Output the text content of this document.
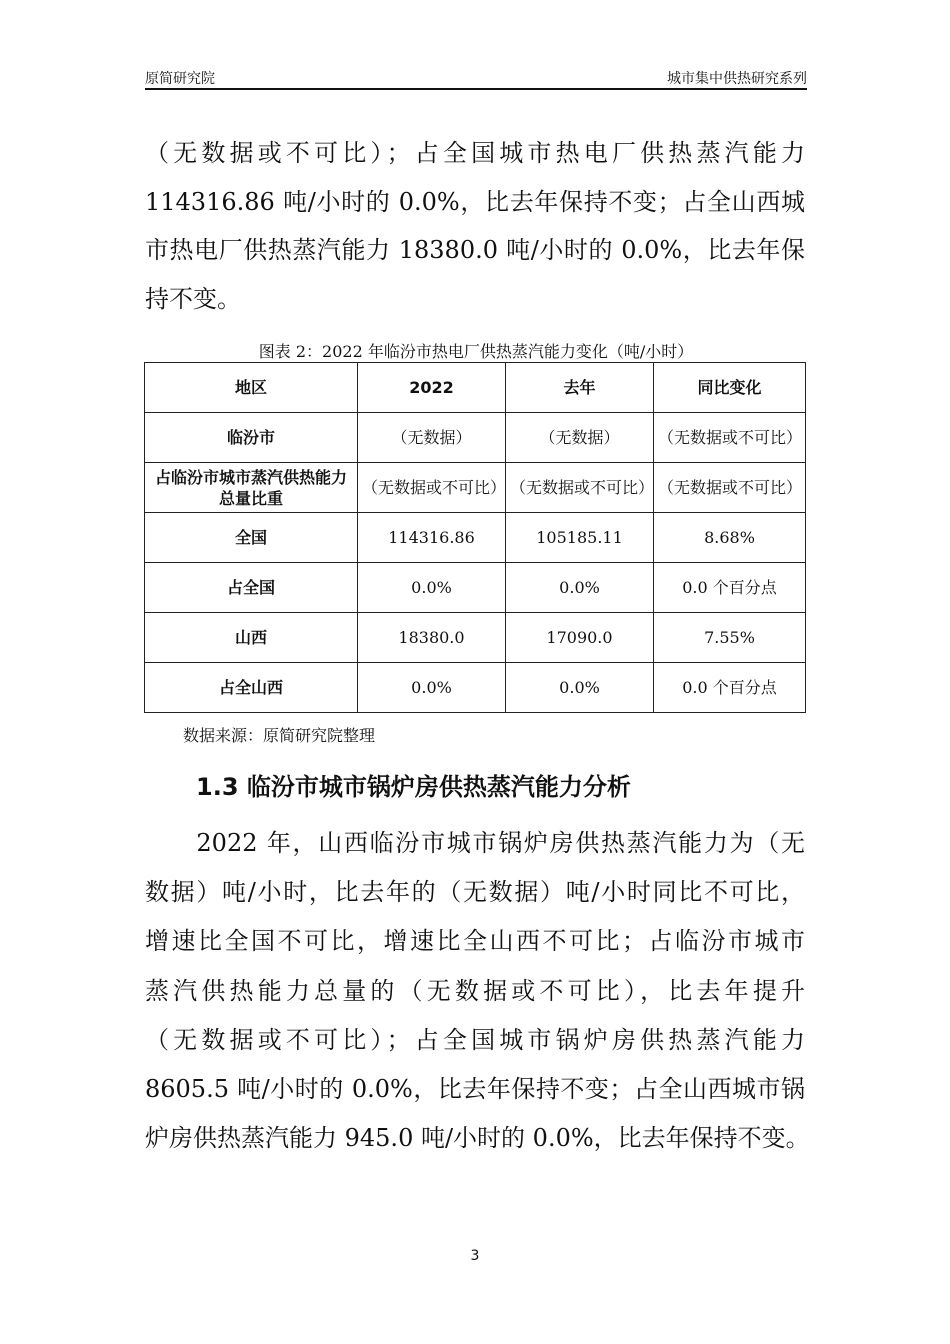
原简研究院	城市集中供热研究系列
（无数据或不可比）；占全国城市热电厂供热蒸汽能力
114316.86 吨/小时的 0.0%，比去年保持不变；占全山西城
市热电厂供热蒸汽能力 18380.0 吨/小时的 0.0%，比去年保
持不变。
图表 2：2022 年临汾市热电厂供热蒸汽能力变化（吨/小时）
地区	2022	去年	同比变化
临汾市	（无数据）	（无数据）	（无数据或不可比）
占临汾市城市蒸汽供热能力总量比重	（无数据或不可比）	（无数据或不可比）	（无数据或不可比）
全国	114316.86	105185.11	8.68%
占全国	0.0%	0.0%	0.0 个百分点
山西	18380.0	17090.0	7.55%
占全山西	0.0%	0.0%	0.0 个百分点
数据来源：原简研究院整理
1.3 临汾市城市锅炉房供热蒸汽能力分析
　　2022 年，山西临汾市城市锅炉房供热蒸汽能力为（无
数据）吨/小时，比去年的（无数据）吨/小时同比不可比，
增速比全国不可比，增速比全山西不可比；占临汾市城市
蒸汽供热能力总量的（无数据或不可比），比去年提升
（无数据或不可比）；占全国城市锅炉房供热蒸汽能力
8605.5 吨/小时的 0.0%，比去年保持不变；占全山西城市锅
炉房供热蒸汽能力 945.0 吨/小时的 0.0%，比去年保持不变。
3
